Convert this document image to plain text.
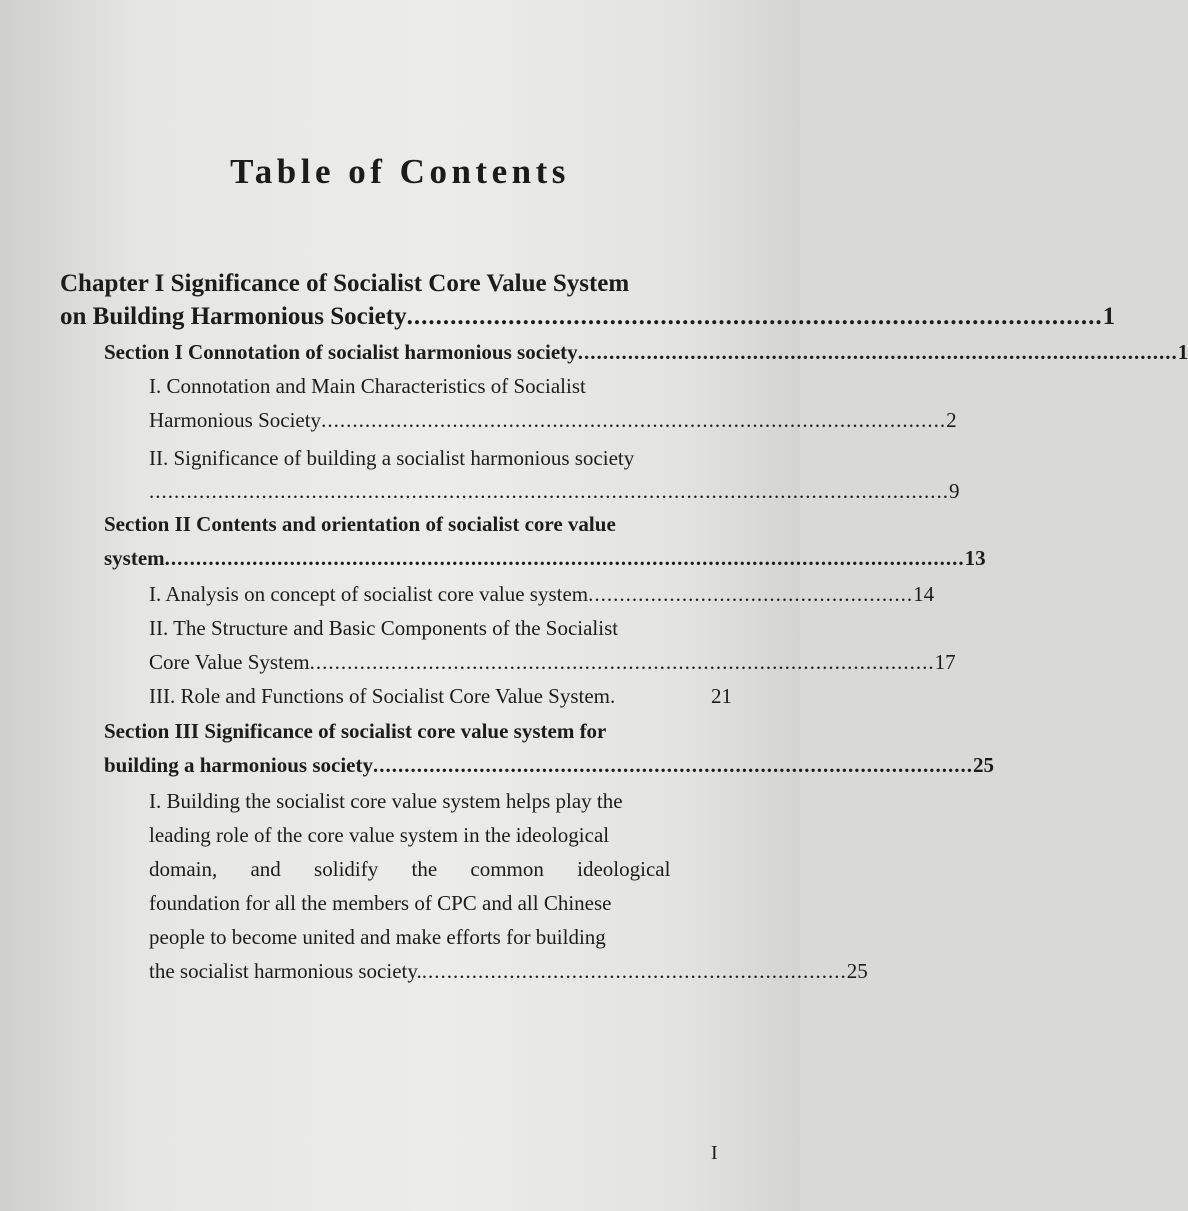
Table of Contents
Chapter I Significance of Socialist Core Value System
on Building Harmonious Society ................................................................................................ 1
Section I Connotation of socialist harmonious society ................................................................................................ 1
I. Connotation and Main Characteristics of Socialist
Harmonious Society .................................................................................................... 2
II. Significance of building a socialist harmonious society
................................................................................................................................ 9
Section II Contents and orientation of socialist core value
system ................................................................................................................................ 13
I. Analysis on concept of socialist core value system .................................................... 14
II. The Structure and Basic Components of the Socialist
Core Value System .................................................................................................... 17
III. Role and Functions of Socialist Core Value System.	21
Section III Significance of socialist core value system for
building a harmonious society ................................................................................................ 25
I. Building the socialist core value system helps play the
leading role of the core value system in the ideological
domain, and solidify the common ideological
foundation for all the members of CPC and all Chinese
people to become united and make efforts for building
the socialist harmonious society. .................................................................... 25
I
